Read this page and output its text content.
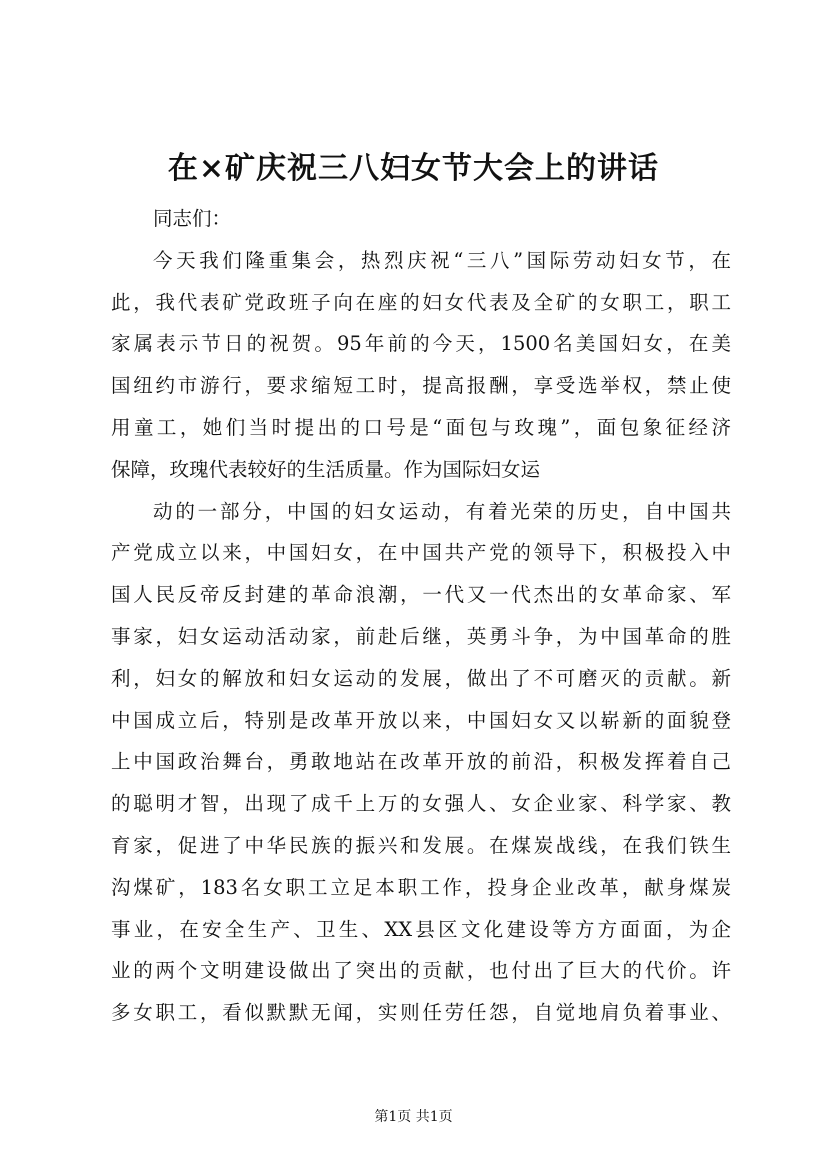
在×矿庆祝三八妇女节大会上的讲话
同志们：
今天我们隆重集会，热烈庆祝“三八”国际劳动妇女节，在
此，我代表矿党政班子向在座的妇女代表及全矿的女职工，职工
家属表示节日的祝贺。95年前的今天，1500名美国妇女，在美
国纽约市游行，要求缩短工时，提高报酬，享受选举权，禁止使
用童工，她们当时提出的口号是“面包与玫瑰”，面包象征经济
保障，玫瑰代表较好的生活质量。作为国际妇女运
动的一部分，中国的妇女运动，有着光荣的历史，自中国共
产党成立以来，中国妇女，在中国共产党的领导下，积极投入中
国人民反帝反封建的革命浪潮，一代又一代杰出的女革命家、军
事家，妇女运动活动家，前赴后继，英勇斗争，为中国革命的胜
利，妇女的解放和妇女运动的发展，做出了不可磨灭的贡献。新
中国成立后，特别是改革开放以来，中国妇女又以崭新的面貌登
上中国政治舞台，勇敢地站在改革开放的前沿，积极发挥着自己
的聪明才智，出现了成千上万的女强人、女企业家、科学家、教
育家，促进了中华民族的振兴和发展。在煤炭战线，在我们铁生
沟煤矿，183名女职工立足本职工作，投身企业改革，献身煤炭
事业，在安全生产、卫生、XX县区文化建设等方方面面，为企
业的两个文明建设做出了突出的贡献，也付出了巨大的代价。许
多女职工，看似默默无闻，实则任劳任怨，自觉地肩负着事业、
第1页 共1页
